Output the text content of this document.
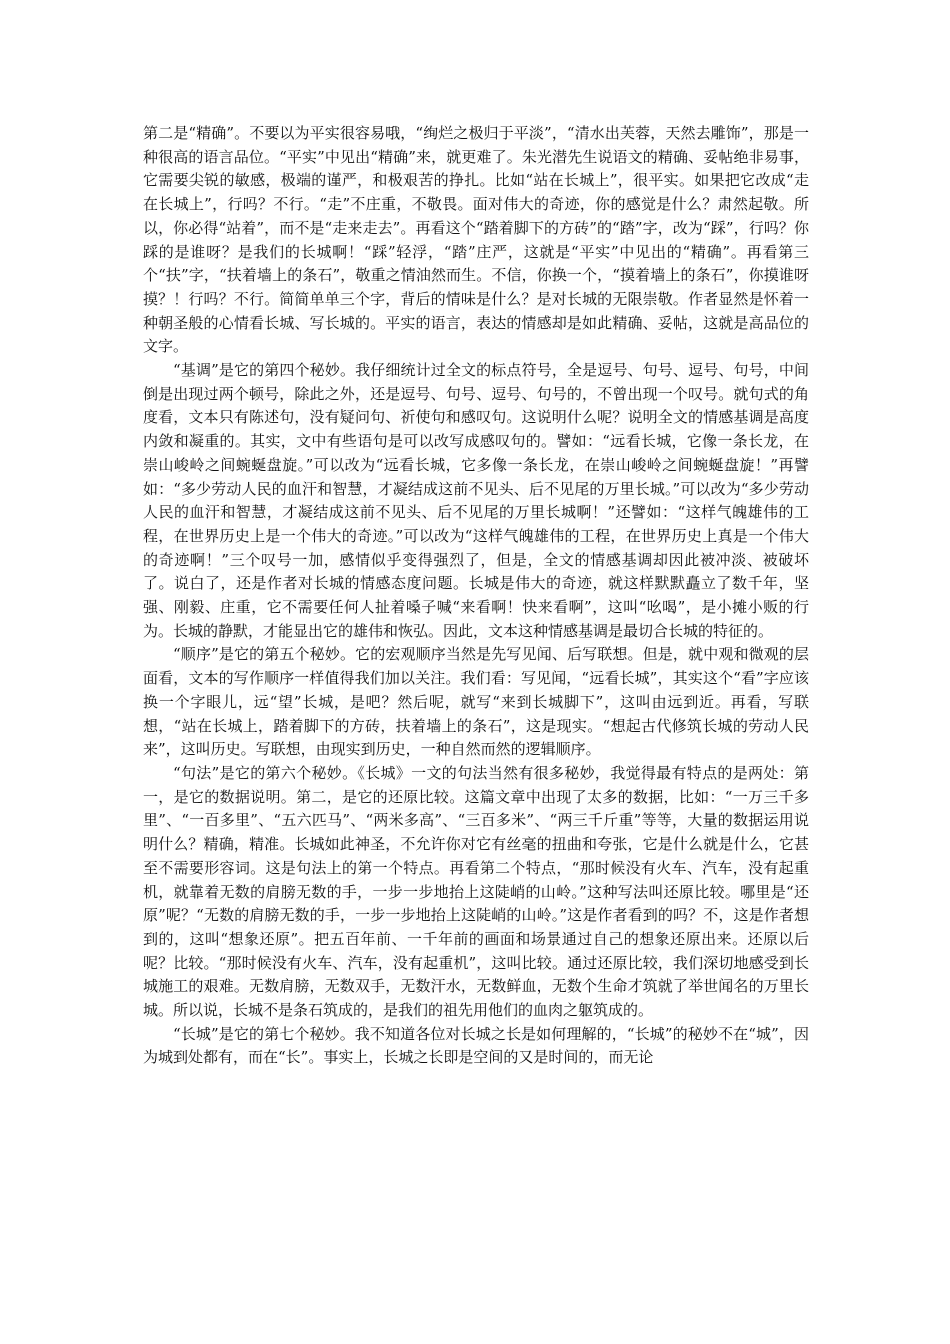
第二是“精确”。不要以为平实很容易哦，“绚烂之极归于平淡”，“清水出芙蓉，天然去雕饰”，那是一种很高的语言品位。“平实”中见出“精确”来，就更难了。朱光潜先生说语文的精确、妥帖绝非易事，它需要尖锐的敏感，极端的谨严，和极艰苦的挣扎。比如“站在长城上”，很平实。如果把它改成“走在长城上”，行吗？不行。“走”不庄重，不敬畏。面对伟大的奇迹，你的感觉是什么？肃然起敬。所以，你必得“站着”，而不是“走来走去”。再看这个“踏着脚下的方砖”的“踏”字，改为“踩”，行吗？你踩的是谁呀？是我们的长城啊！“踩”轻浮，“踏”庄严，这就是“平实”中见出的“精确”。再看第三个“扶”字，“扶着墙上的条石”，敬重之情油然而生。不信，你换一个，“摸着墙上的条石”，你摸谁呀摸？！行吗？不行。简简单单三个字，背后的情味是什么？是对长城的无限崇敬。作者显然是怀着一种朝圣般的心情看长城、写长城的。平实的语言，表达的情感却是如此精确、妥帖，这就是高品位的文字。

“基调”是它的第四个秘妙。我仔细统计过全文的标点符号，全是逗号、句号、逗号、句号，中间倒是出现过两个顿号，除此之外，还是逗号、句号、逗号、句号的，不曾出现一个叹号。就句式的角度看，文本只有陈述句，没有疑问句、祈使句和感叹句。这说明什么呢？说明全文的情感基调是高度内敛和凝重的。其实，文中有些语句是可以改写成感叹句的。譬如：“远看长城，它像一条长龙，在崇山峻岭之间蜿蜒盘旋。”可以改为“远看长城，它多像一条长龙，在崇山峻岭之间蜿蜒盘旋！”再譬如：“多少劳动人民的血汗和智慧，才凝结成这前不见头、后不见尾的万里长城。”可以改为“多少劳动人民的血汗和智慧，才凝结成这前不见头、后不见尾的万里长城啊！”还譬如：“这样气魄雄伟的工程，在世界历史上是一个伟大的奇迹。”可以改为“这样气魄雄伟的工程，在世界历史上真是一个伟大的奇迹啊！”三个叹号一加，感情似乎变得强烈了，但是，全文的情感基调却因此被冲淡、被破坏了。说白了，还是作者对长城的情感态度问题。长城是伟大的奇迹，就这样默默矗立了数千年，坚强、刚毅、庄重，它不需要任何人扯着嗓子喊“来看啊！快来看啊”，这叫“吆喝”，是小摊小贩的行为。长城的静默，才能显出它的雄伟和恢弘。因此，文本这种情感基调是最切合长城的特征的。

“顺序”是它的第五个秘妙。它的宏观顺序当然是先写见闻、后写联想。但是，就中观和微观的层面看，文本的写作顺序一样值得我们加以关注。我们看：写见闻，“远看长城”，其实这个“看”字应该换一个字眼儿，远“望”长城，是吧？然后呢，就写“来到长城脚下”，这叫由远到近。再看，写联想，“站在长城上，踏着脚下的方砖，扶着墙上的条石”，这是现实。“想起古代修筑长城的劳动人民来”，这叫历史。写联想，由现实到历史，一种自然而然的逻辑顺序。

“句法”是它的第六个秘妙。《长城》一文的句法当然有很多秘妙，我觉得最有特点的是两处：第一，是它的数据说明。第二，是它的还原比较。这篇文章中出现了太多的数据，比如：“一万三千多里”、“一百多里”、“五六匹马”、“两米多高”、“三百多米”、“两三千斤重”等等，大量的数据运用说明什么？精确，精准。长城如此神圣，不允许你对它有丝毫的扭曲和夸张，它是什么就是什么，它甚至不需要形容词。这是句法上的第一个特点。再看第二个特点，“那时候没有火车、汽车，没有起重机，就靠着无数的肩膀无数的手，一步一步地抬上这陡峭的山岭。”这种写法叫还原比较。哪里是“还原”呢？“无数的肩膀无数的手，一步一步地抬上这陡峭的山岭。”这是作者看到的吗？不，这是作者想到的，这叫“想象还原”。把五百年前、一千年前的画面和场景通过自己的想象还原出来。还原以后呢？比较。“那时候没有火车、汽车，没有起重机”，这叫比较。通过还原比较，我们深切地感受到长城施工的艰难。无数肩膀，无数双手，无数汗水，无数鲜血，无数个生命才筑就了举世闻名的万里长城。所以说，长城不是条石筑成的，是我们的祖先用他们的血肉之躯筑成的。

“长城”是它的第七个秘妙。我不知道各位对长城之长是如何理解的，“长城”的秘妙不在“城”，因为城到处都有，而在“长”。事实上，长城之长即是空间的又是时间的，而无论
